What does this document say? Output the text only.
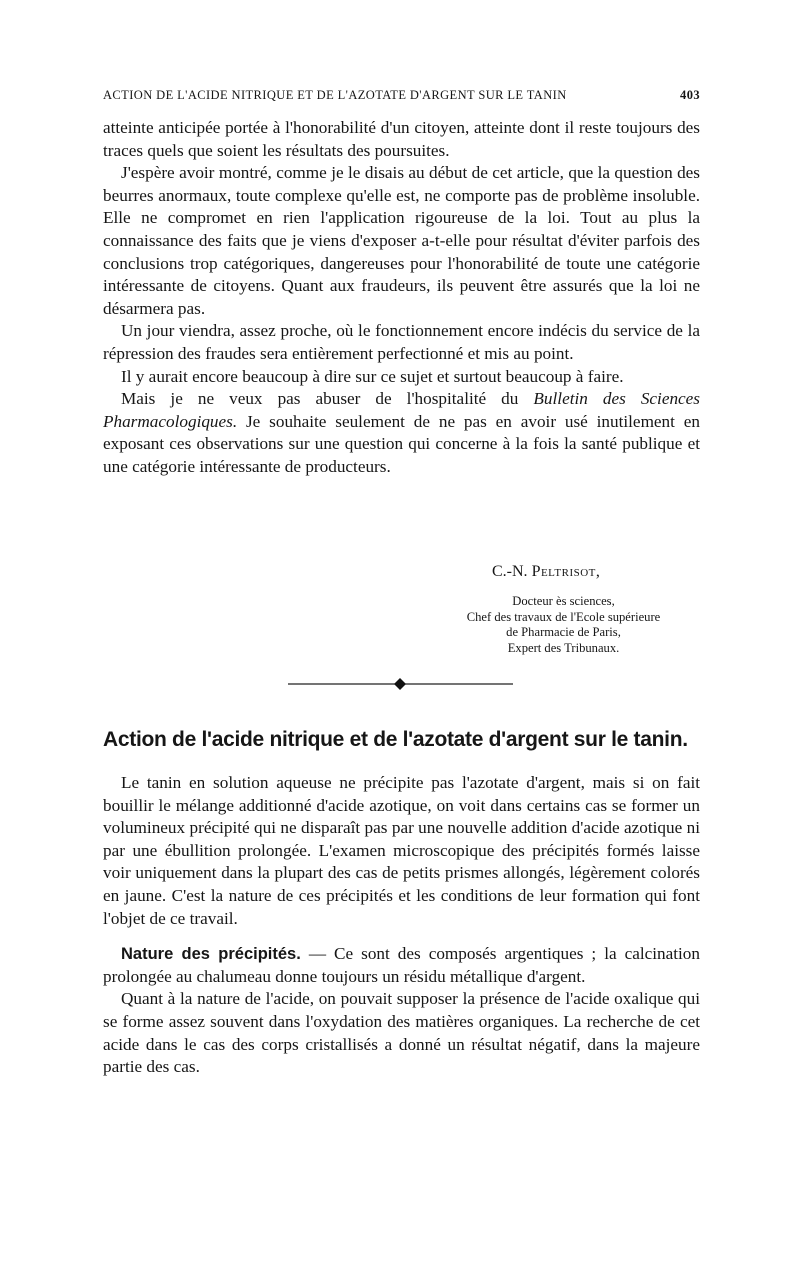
ACTION DE L'ACIDE NITRIQUE ET DE L'AZOTATE D'ARGENT SUR LE TANIN	403

atteinte anticipée portée à l'honorabilité d'un citoyen, atteinte dont il reste toujours des traces quels que soient les résultats des poursuites.

J'espère avoir montré, comme je le disais au début de cet article, que la question des beurres anormaux, toute complexe qu'elle est, ne comporte pas de problème insoluble. Elle ne compromet en rien l'application rigoureuse de la loi. Tout au plus la connaissance des faits que je viens d'exposer a-t-elle pour résultat d'éviter parfois des conclusions trop catégoriques, dangereuses pour l'honorabilité de toute une catégorie intéressante de citoyens. Quant aux fraudeurs, ils peuvent être assurés que la loi ne désarmera pas.

Un jour viendra, assez proche, où le fonctionnement encore indécis du service de la répression des fraudes sera entièrement perfectionné et mis au point.

Il y aurait encore beaucoup à dire sur ce sujet et surtout beaucoup à faire.

Mais je ne veux pas abuser de l'hospitalité du Bulletin des Sciences Pharmacologiques. Je souhaite seulement de ne pas en avoir usé inutilement en exposant ces observations sur une question qui concerne à la fois la santé publique et une catégorie intéressante de producteurs.

C.-N. Peltrisot,
Docteur ès sciences,
Chef des travaux de l'Ecole supérieure
de Pharmacie de Paris,
Expert des Tribunaux.
Action de l'acide nitrique et de l'azotate d'argent sur le tanin.

Le tanin en solution aqueuse ne précipite pas l'azotate d'argent, mais si on fait bouillir le mélange additionné d'acide azotique, on voit dans certains cas se former un volumineux précipité qui ne disparaît pas par une nouvelle addition d'acide azotique ni par une ébullition prolongée. L'examen microscopique des précipités formés laisse voir uniquement dans la plupart des cas de petits prismes allongés, légèrement colorés en jaune. C'est la nature de ces précipités et les conditions de leur formation qui font l'objet de ce travail.

Nature des précipités. — Ce sont des composés argentiques ; la calcination prolongée au chalumeau donne toujours un résidu métallique d'argent.

Quant à la nature de l'acide, on pouvait supposer la présence de l'acide oxalique qui se forme assez souvent dans l'oxydation des matières organiques. La recherche de cet acide dans le cas des corps cristallisés a donné un résultat négatif, dans la majeure partie des cas.
